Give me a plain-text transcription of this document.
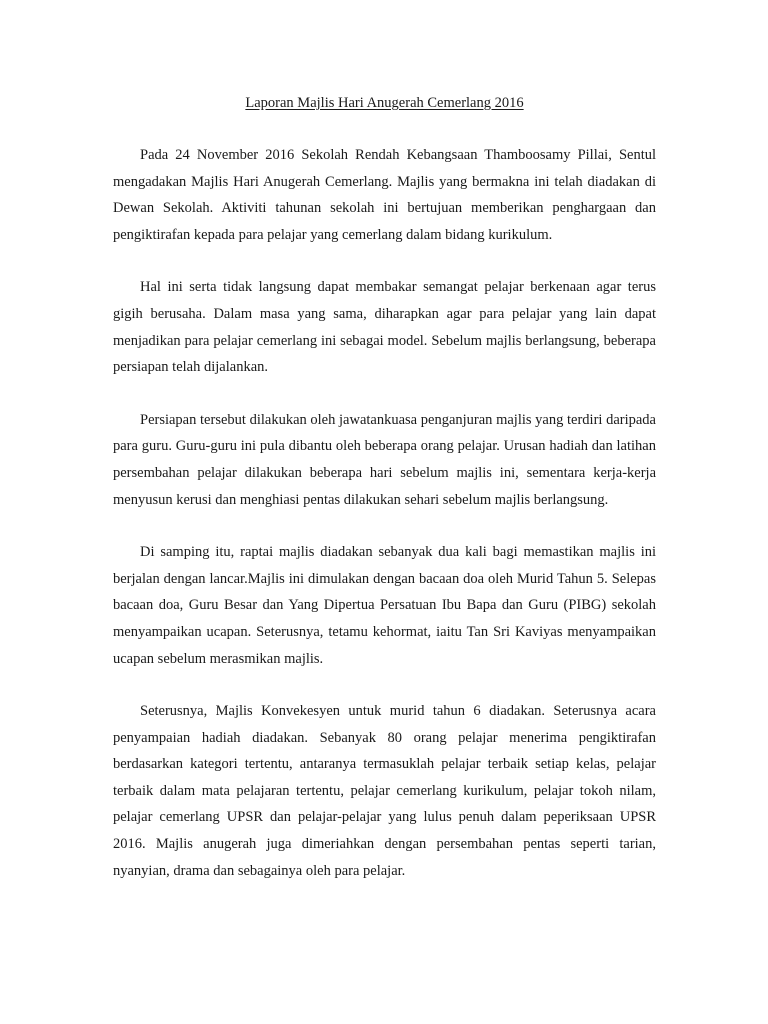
Laporan Majlis Hari Anugerah Cemerlang 2016

Pada 24 November 2016 Sekolah Rendah Kebangsaan Thamboosamy Pillai, Sentul mengadakan Majlis Hari Anugerah Cemerlang. Majlis yang bermakna ini telah diadakan di Dewan Sekolah. Aktiviti tahunan sekolah ini bertujuan memberikan penghargaan dan pengiktirafan kepada para pelajar yang cemerlang dalam bidang kurikulum.

Hal ini serta tidak langsung dapat membakar semangat pelajar berkenaan agar terus gigih berusaha. Dalam masa yang sama, diharapkan agar para pelajar yang lain dapat menjadikan para pelajar cemerlang ini sebagai model. Sebelum majlis berlangsung, beberapa persiapan telah dijalankan.

Persiapan tersebut dilakukan oleh jawatankuasa penganjuran majlis yang terdiri daripada para guru. Guru-guru ini pula dibantu oleh beberapa orang pelajar. Urusan hadiah dan latihan persembahan pelajar dilakukan beberapa hari sebelum majlis ini, sementara kerja-kerja menyusun kerusi dan menghiasi pentas dilakukan sehari sebelum majlis berlangsung.

Di samping itu, raptai majlis diadakan sebanyak dua kali bagi memastikan majlis ini berjalan dengan lancar.Majlis ini dimulakan dengan bacaan doa oleh Murid Tahun 5. Selepas bacaan doa, Guru Besar dan Yang Dipertua Persatuan Ibu Bapa dan Guru (PIBG) sekolah menyampaikan ucapan. Seterusnya, tetamu kehormat, iaitu Tan Sri Kaviyas menyampaikan ucapan sebelum merasmikan majlis.

Seterusnya, Majlis Konvekesyen untuk murid tahun 6 diadakan. Seterusnya acara penyampaian hadiah diadakan. Sebanyak 80 orang pelajar menerima pengiktirafan berdasarkan kategori tertentu, antaranya termasuklah pelajar terbaik setiap kelas, pelajar terbaik dalam mata pelajaran tertentu, pelajar cemerlang kurikulum, pelajar tokoh nilam, pelajar cemerlang UPSR dan pelajar-pelajar yang lulus penuh dalam peperiksaan UPSR 2016. Majlis anugerah juga dimeriahkan dengan persembahan pentas seperti tarian, nyanyian, drama dan sebagainya oleh para pelajar.
